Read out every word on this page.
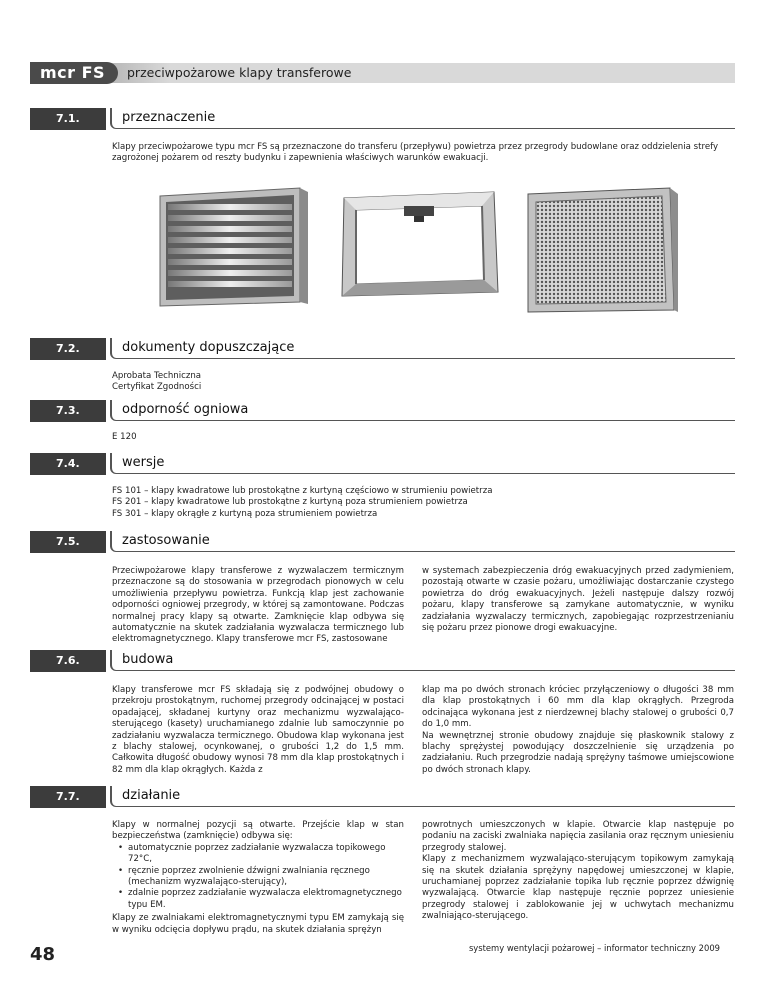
mcr FS przeciwpożarowe klapy transferowe
7.1.	przeznaczenie
Klapy przeciwpożarowe typu mcr FS są przeznaczone do transferu (przepływu) powietrza przez przegrody budowlane oraz oddzielenia strefy zagrożonej pożarem od reszty budynku i zapewnienia właściwych warunków ewakuacji.
7.2.	dokumenty dopuszczające

Aprobata Techniczna

Certyfikat Zgodności

7.3.	odporność ogniowa
E 120
7.4.	wersje

FS 101 – klapy kwadratowe lub prostokątne z kurtyną częściowo w strumieniu powietrza

FS 201 – klapy kwadratowe lub prostokątne z kurtyną poza strumieniem powietrza

FS 301 – klapy okrągłe z kurtyną poza strumieniem powietrza

7.5.	zastosowanie
Przeciwpożarowe klapy transferowe z wyzwalaczem termicznym przeznaczone są do stosowania w przegrodach pionowych w celu umożliwienia przepływu powietrza. Funkcją klap jest zachowanie odporności ogniowej przegrody, w której są zamontowane. Podczas normalnej pracy klapy są otwarte. Zamknięcie klap odbywa się automatycznie na skutek zadziałania wyzwalacza termicznego lub elektromagnetycznego. Klapy transferowe mcr FS, zastosowane
w systemach zabezpieczenia dróg ewakuacyjnych przed zadymieniem, pozostają otwarte w czasie pożaru, umożliwiając dostarczanie czystego powietrza do dróg ewakuacyjnych. Jeżeli następuje dalszy rozwój pożaru, klapy transferowe są zamykane automatycznie, w wyniku zadziałania wyzwalaczy termicznych, zapobiegając rozprzestrzenianiu się pożaru przez pionowe drogi ewakuacyjne.
7.6.	budowa
Klapy transferowe mcr FS składają się z podwójnej obudowy o przekroju prostokątnym, ruchomej przegrody odcinającej w postaci opadającej, składanej kurtyny oraz mechanizmu wyzwalająco-sterującego (kasety) uruchamianego zdalnie lub samoczynnie po zadziałaniu wyzwalacza termicznego. Obudowa klap wykonana jest z blachy stalowej, ocynkowanej, o grubości 1,2 do 1,5 mm. Całkowita długość obudowy wynosi 78 mm dla klap prostokątnych i 82 mm dla klap okrągłych. Każda z

klap ma po dwóch stronach króciec przyłączeniowy o długości 38 mm dla klap prostokątnych i 60 mm dla klap okrągłych. Przegroda odcinająca wykonana jest z nierdzewnej blachy stalowej o grubości 0,7 do 1,0 mm.

Na wewnętrznej stronie obudowy znajduje się płaskownik stalowy z blachy sprężystej powodujący doszczelnienie się urządzenia po zadziałaniu. Ruch przegrodzie nadają sprężyny taśmowe umiejscowione po dwóch stronach klapy.

7.7.	działanie

Klapy w normalnej pozycji są otwarte. Przejście klap w stan bezpieczeństwa (zamknięcie) odbywa się:

• automatycznie poprzez zadziałanie wyzwalacza topikowego 72°C,
• ręcznie poprzez zwolnienie dźwigni zwalniania ręcznego (mechanizm wyzwalająco-sterujący),
• zdalnie poprzez zadziałanie wyzwalacza elektromagnetycznego typu EM.

Klapy ze zwalniakami elektromagnetycznymi typu EM zamykają się w wyniku odcięcia dopływu prądu, na skutek działania sprężyn

powrotnych umieszczonych w klapie. Otwarcie klap następuje po podaniu na zaciski zwalniaka napięcia zasilania oraz ręcznym uniesieniu przegrody stalowej.

Klapy z mechanizmem wyzwalająco-sterującym topikowym zamykają się na skutek działania sprężyny napędowej umieszczonej w klapie, uruchamianej poprzez zadziałanie topika lub ręcznie poprzez dźwignię wyzwalającą. Otwarcie klap następuje ręcznie poprzez uniesienie przegrody stalowej i zablokowanie jej w uchwytach mechanizmu zwalniająco-sterującego.

48	systemy wentylacji pożarowej – informator techniczny 2009
